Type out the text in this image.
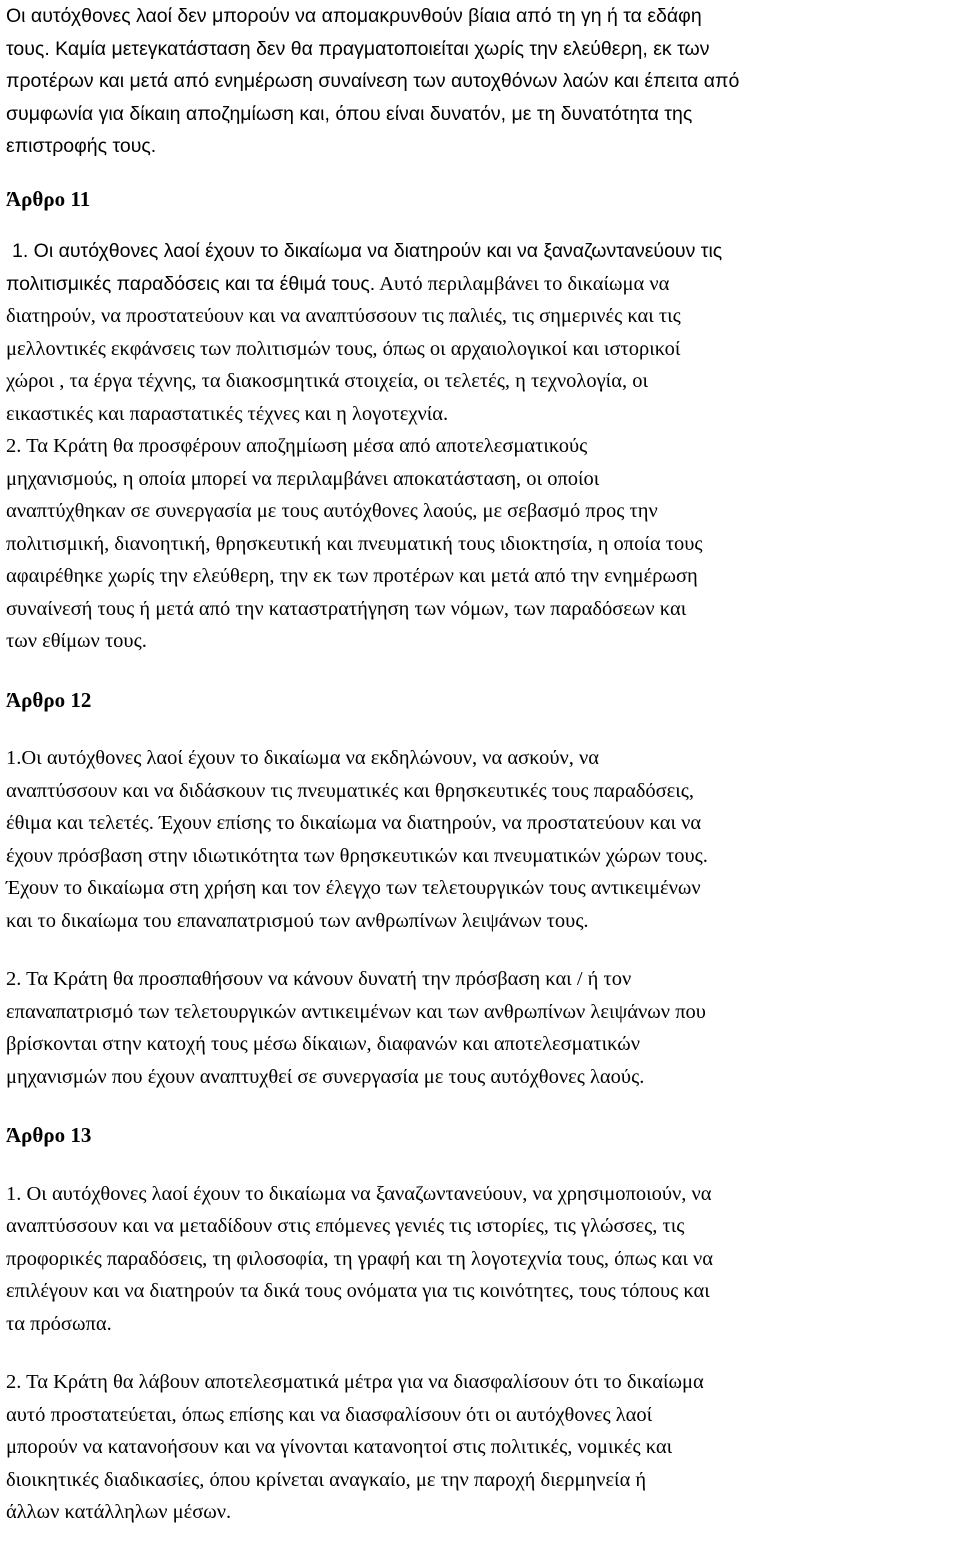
Οι αυτόχθονες λαοί δεν μπορούν να απομακρυνθούν βίαια από τη γη ή τα εδάφη
τους. Καμία μετεγκατάσταση δεν θα πραγματοποιείται χωρίς την ελεύθερη, εκ των
προτέρων και μετά από ενημέρωση συναίνεση των αυτοχθόνων λαών και έπειτα από
συμφωνία για δίκαιη αποζημίωση και, όπου είναι δυνατόν, με τη δυνατότητα της
επιστροφής τους.
Άρθρο 11
1. Οι αυτόχθονες λαοί έχουν το δικαίωμα να διατηρούν και να ξαναζωντανεύουν τις
πολιτισμικές παραδόσεις και τα έθιμά τους. Αυτό περιλαμβάνει το δικαίωμα να
διατηρούν, να προστατεύουν και να αναπτύσσουν τις παλιές, τις σημερινές και τις
μελλοντικές εκφάνσεις των πολιτισμών τους, όπως οι αρχαιολογικοί και ιστορικοί
χώροι , τα έργα τέχνης, τα διακοσμητικά στοιχεία, οι τελετές, η τεχνολογία, οι
εικαστικές και παραστατικές τέχνες και η λογοτεχνία.
2. Τα Κράτη θα προσφέρουν αποζημίωση μέσα από αποτελεσματικούς
μηχανισμούς, η οποία μπορεί να περιλαμβάνει αποκατάσταση, οι οποίοι
αναπτύχθηκαν σε συνεργασία με τους αυτόχθονες λαούς, με σεβασμό προς την
πολιτισμική, διανοητική, θρησκευτική και πνευματική τους ιδιοκτησία, η οποία τους
αφαιρέθηκε χωρίς την ελεύθερη, την εκ των προτέρων και μετά από την ενημέρωση
συναίνεσή τους ή μετά από την καταστρατήγηση των νόμων, των παραδόσεων και
των εθίμων τους.
Άρθρο 12
1.Οι αυτόχθονες λαοί έχουν το δικαίωμα να εκδηλώνουν, να ασκούν, να
αναπτύσσουν και να διδάσκουν τις πνευματικές και θρησκευτικές τους παραδόσεις,
έθιμα και τελετές. Έχουν επίσης το δικαίωμα να διατηρούν, να προστατεύουν και να
έχουν πρόσβαση στην ιδιωτικότητα των θρησκευτικών και πνευματικών χώρων τους.
Έχουν το δικαίωμα στη χρήση και τον έλεγχο των τελετουργικών τους αντικειμένων
και το δικαίωμα του επαναπατρισμού των ανθρωπίνων λειψάνων τους.
2. Τα Κράτη θα προσπαθήσουν να κάνουν δυνατή την πρόσβαση και / ή τον
επαναπατρισμό των τελετουργικών αντικειμένων και των ανθρωπίνων λειψάνων που
βρίσκονται στην κατοχή τους μέσω δίκαιων, διαφανών και αποτελεσματικών
μηχανισμών που έχουν αναπτυχθεί σε συνεργασία με τους αυτόχθονες λαούς.
Άρθρο 13
1. Οι αυτόχθονες λαοί έχουν το δικαίωμα να ξαναζωντανεύουν, να χρησιμοποιούν, να
αναπτύσσουν και να μεταδίδουν στις επόμενες γενιές τις ιστορίες, τις γλώσσες, τις
προφορικές παραδόσεις, τη φιλοσοφία, τη γραφή και τη λογοτεχνία τους, όπως και να
επιλέγουν και να διατηρούν τα δικά τους ονόματα για τις κοινότητες, τους τόπους και
τα πρόσωπα.
2. Τα Κράτη θα λάβουν αποτελεσματικά μέτρα για να διασφαλίσουν ότι το δικαίωμα
αυτό προστατεύεται, όπως επίσης και να διασφαλίσουν ότι οι αυτόχθονες λαοί
μπορούν να κατανοήσουν και να γίνονται κατανοητοί στις πολιτικές, νομικές και
διοικητικές διαδικασίες, όπου κρίνεται αναγκαίο, με την παροχή διερμηνεία ή
άλλων κατάλληλων μέσων.
